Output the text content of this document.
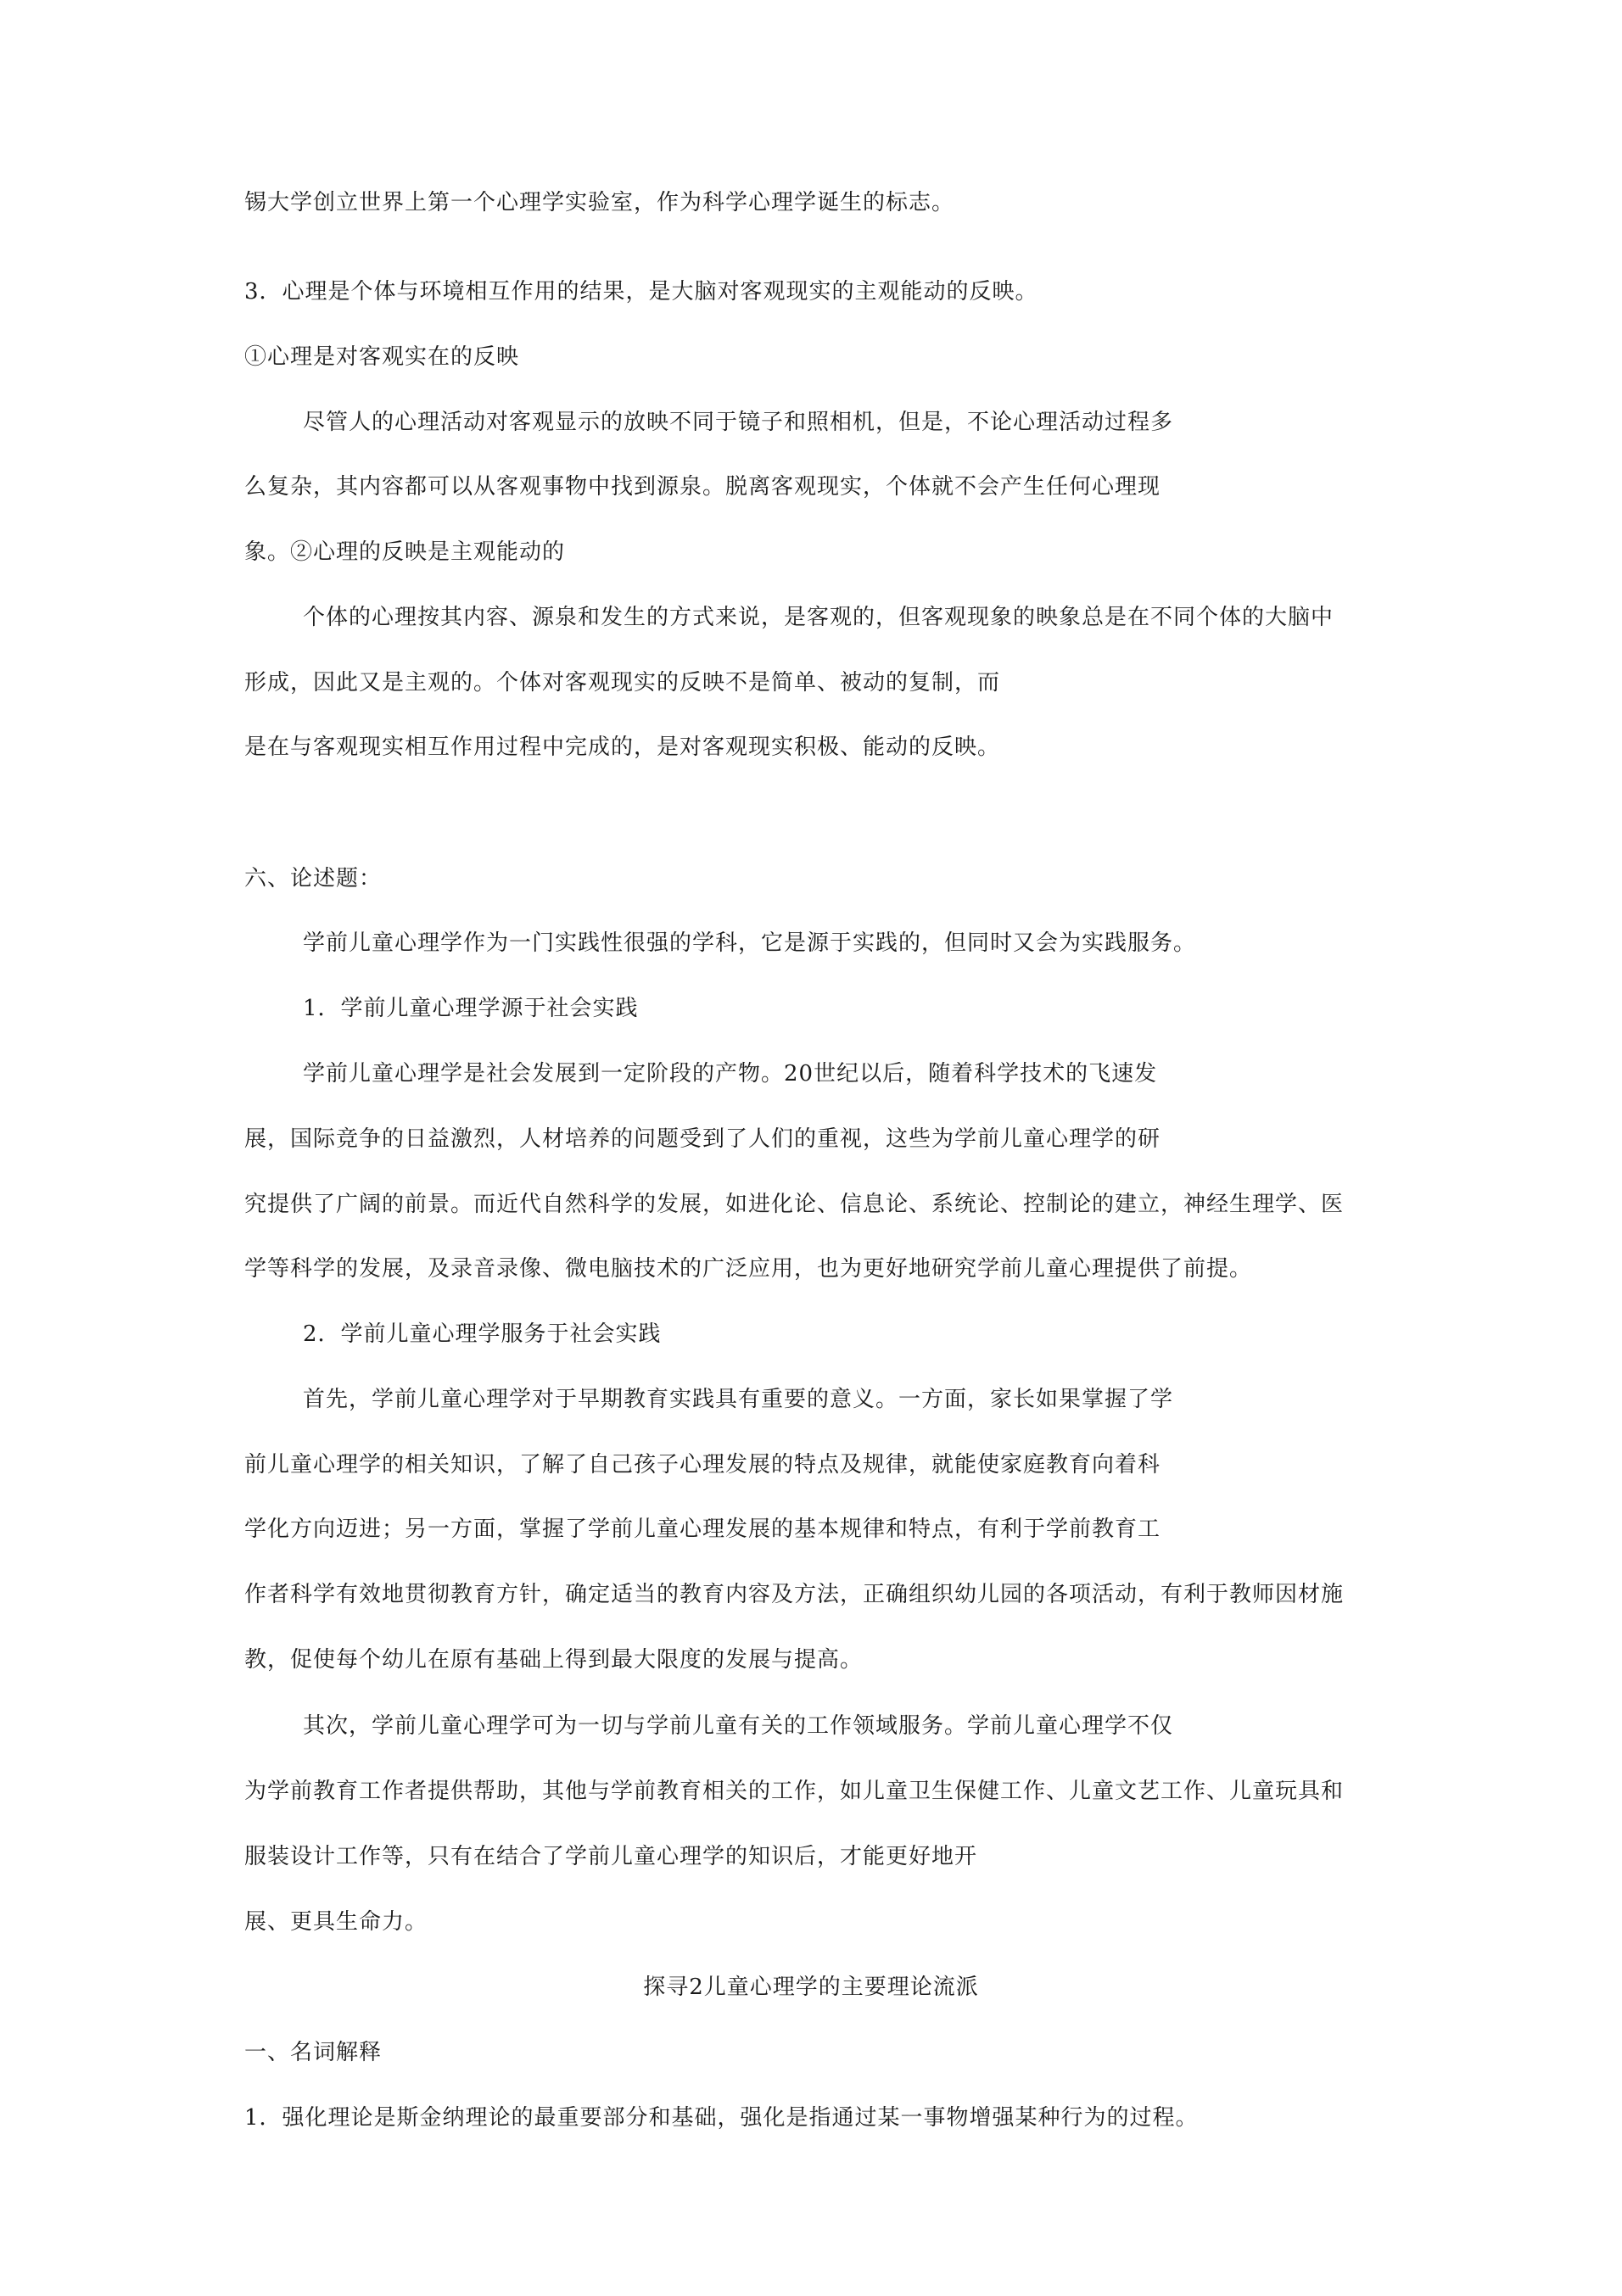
锡大学创立世界上第一个心理学实验室，作为科学心理学诞生的标志。
3．心理是个体与环境相互作用的结果，是大脑对客观现实的主观能动的反映。
①心理是对客观实在的反映
尽管人的心理活动对客观显示的放映不同于镜子和照相机，但是，不论心理活动过程多
么复杂，其内容都可以从客观事物中找到源泉。脱离客观现实，个体就不会产生任何心理现
象。②心理的反映是主观能动的
个体的心理按其内容、源泉和发生的方式来说，是客观的，但客观现象的映象总是在不同个体的大脑中
形成，因此又是主观的。个体对客观现实的反映不是简单、被动的复制，而
是在与客观现实相互作用过程中完成的，是对客观现实积极、能动的反映。
六、论述题：
学前儿童心理学作为一门实践性很强的学科，它是源于实践的，但同时又会为实践服务。
1．学前儿童心理学源于社会实践
学前儿童心理学是社会发展到一定阶段的产物。20世纪以后，随着科学技术的飞速发
展，国际竞争的日益激烈，人材培养的问题受到了人们的重视，这些为学前儿童心理学的研
究提供了广阔的前景。而近代自然科学的发展，如进化论、信息论、系统论、控制论的建立，神经生理学、医
学等科学的发展，及录音录像、微电脑技术的广泛应用，也为更好地研究学前儿童心理提供了前提。
2．学前儿童心理学服务于社会实践
首先，学前儿童心理学对于早期教育实践具有重要的意义。一方面，家长如果掌握了学
前儿童心理学的相关知识，了解了自己孩子心理发展的特点及规律，就能使家庭教育向着科
学化方向迈进；另一方面，掌握了学前儿童心理发展的基本规律和特点，有利于学前教育工
作者科学有效地贯彻教育方针，确定适当的教育内容及方法，正确组织幼儿园的各项活动，有利于教师因材施
教，促使每个幼儿在原有基础上得到最大限度的发展与提高。
其次，学前儿童心理学可为一切与学前儿童有关的工作领域服务。学前儿童心理学不仅
为学前教育工作者提供帮助，其他与学前教育相关的工作，如儿童卫生保健工作、儿童文艺工作、儿童玩具和
服装设计工作等，只有在结合了学前儿童心理学的知识后，才能更好地开
展、更具生命力。
探寻2儿童心理学的主要理论流派
一、名词解释
1．强化理论是斯金纳理论的最重要部分和基础，强化是指通过某一事物增强某种行为的过程。
